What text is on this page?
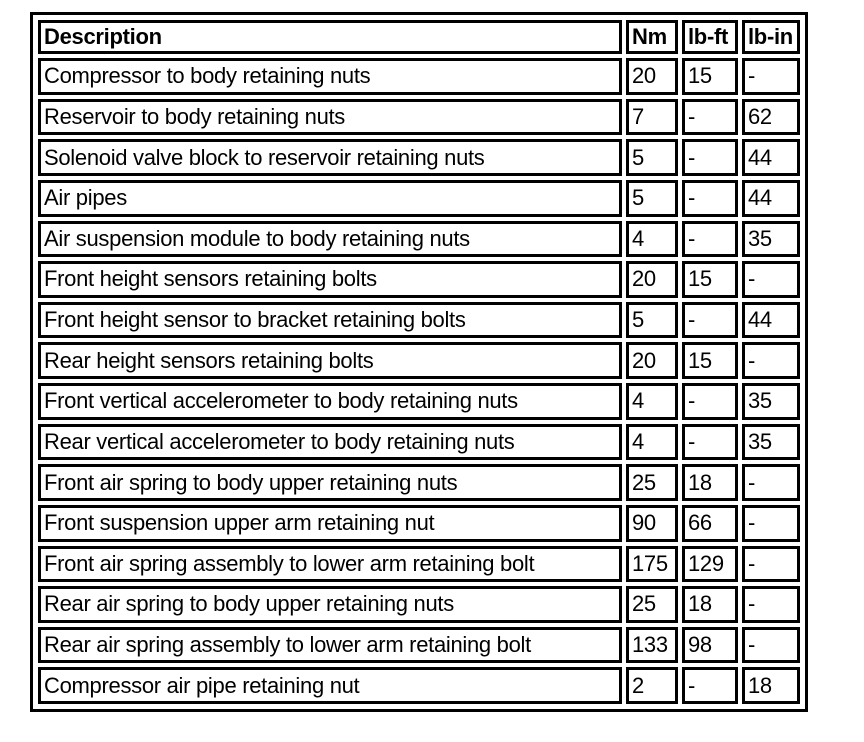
Description	Nm	lb-ft	lb-in
Compressor to body retaining nuts	20	15	-
Reservoir to body retaining nuts	7	-	62
Solenoid valve block to reservoir retaining nuts	5	-	44
Air pipes	5	-	44
Air suspension module to body retaining nuts	4	-	35
Front height sensors retaining bolts	20	15	-
Front height sensor to bracket retaining bolts	5	-	44
Rear height sensors retaining bolts	20	15	-
Front vertical accelerometer to body retaining nuts	4	-	35
Rear vertical accelerometer to body retaining nuts	4	-	35
Front air spring to body upper retaining nuts	25	18	-
Front suspension upper arm retaining nut	90	66	-
Front air spring assembly to lower arm retaining bolt	175	129	-
Rear air spring to body upper retaining nuts	25	18	-
Rear air spring assembly to lower arm retaining bolt	133	98	-
Compressor air pipe retaining nut	2	-	18
